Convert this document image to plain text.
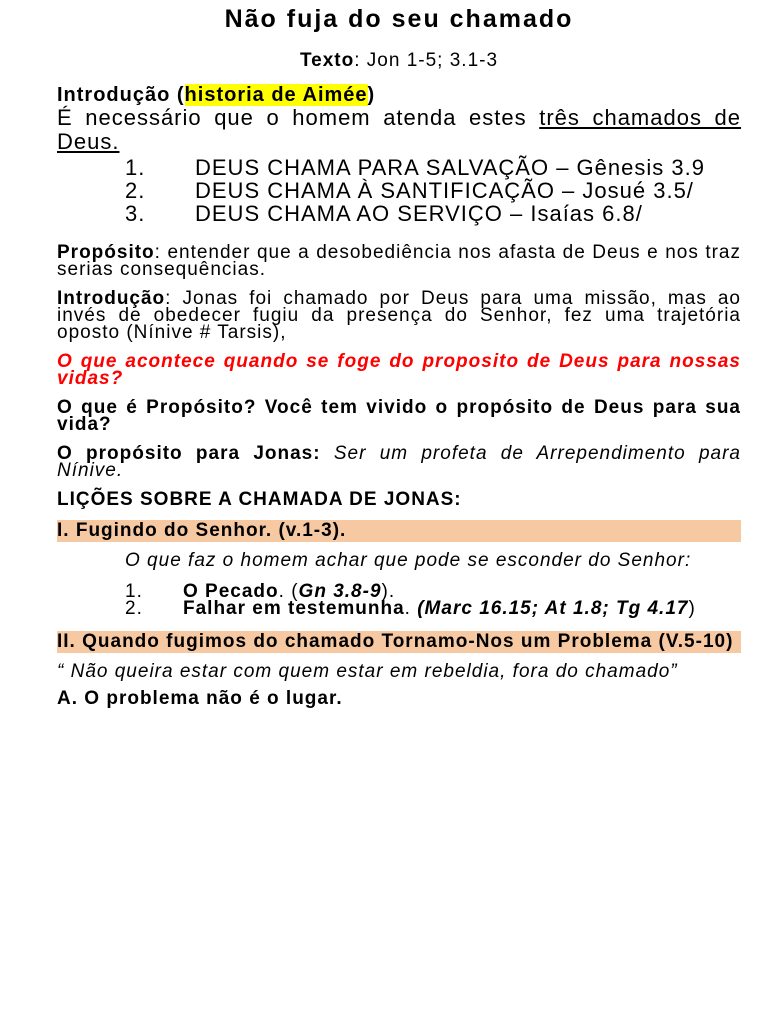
Não fuja do seu chamado
Texto: Jon 1-5; 3.1-3
Introdução (historia de Aimée)
É necessário que o homem atenda estes três chamados de Deus.
1.	DEUS CHAMA PARA SALVAÇÃO – Gênesis 3.9
2.	DEUS CHAMA À SANTIFICAÇÃO – Josué 3.5/
3.	DEUS CHAMA AO SERVIÇO – Isaías 6.8/
Propósito: entender que a desobediência nos afasta de Deus e nos traz serias consequências.
Introdução: Jonas foi chamado por Deus para uma missão, mas ao invés de obedecer fugiu da presença do Senhor, fez uma trajetória oposto (Nínive # Tarsis),
O que acontece quando se foge do proposito de Deus para nossas vidas?
O que é Propósito? Você tem vivido o propósito de Deus para sua vida?
O propósito para Jonas: Ser um profeta de Arrependimento para Nínive.
LIÇÕES SOBRE A CHAMADA DE JONAS:
I. Fugindo do Senhor. (v.1-3).
O que faz o homem achar que pode se esconder do Senhor:
1.	O Pecado. (Gn 3.8-9).
2.	Falhar em testemunha. (Marc 16.15; At 1.8; Tg 4.17)
II. Quando fugimos do chamado Tornamo-Nos um Problema (V.5-10)
“ Não queira estar com quem estar em rebeldia, fora do chamado”
A. O problema não é o lugar.
